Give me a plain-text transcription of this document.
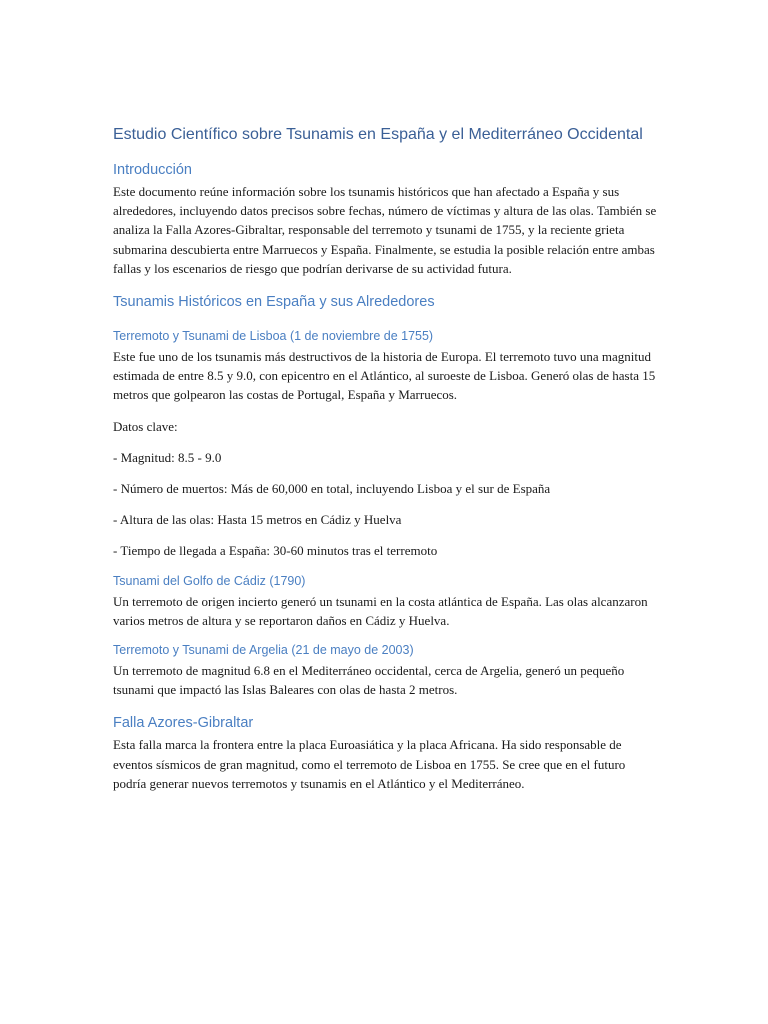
Estudio Científico sobre Tsunamis en España y el Mediterráneo Occidental
Introducción

Este documento reúne información sobre los tsunamis históricos que han afectado a España y sus alrededores, incluyendo datos precisos sobre fechas, número de víctimas y altura de las olas. También se analiza la Falla Azores-Gibraltar, responsable del terremoto y tsunami de 1755, y la reciente grieta submarina descubierta entre Marruecos y España. Finalmente, se estudia la posible relación entre ambas fallas y los escenarios de riesgo que podrían derivarse de su actividad futura.

Tsunamis Históricos en España y sus Alrededores
Terremoto y Tsunami de Lisboa (1 de noviembre de 1755)

Este fue uno de los tsunamis más destructivos de la historia de Europa. El terremoto tuvo una magnitud estimada de entre 8.5 y 9.0, con epicentro en el Atlántico, al suroeste de Lisboa. Generó olas de hasta 15 metros que golpearon las costas de Portugal, España y Marruecos.

Datos clave:

- Magnitud: 8.5 - 9.0

- Número de muertos: Más de 60,000 en total, incluyendo Lisboa y el sur de España

- Altura de las olas: Hasta 15 metros en Cádiz y Huelva

- Tiempo de llegada a España: 30-60 minutos tras el terremoto

Tsunami del Golfo de Cádiz (1790)

Un terremoto de origen incierto generó un tsunami en la costa atlántica de España. Las olas alcanzaron varios metros de altura y se reportaron daños en Cádiz y Huelva.

Terremoto y Tsunami de Argelia (21 de mayo de 2003)

Un terremoto de magnitud 6.8 en el Mediterráneo occidental, cerca de Argelia, generó un pequeño tsunami que impactó las Islas Baleares con olas de hasta 2 metros.

Falla Azores-Gibraltar

Esta falla marca la frontera entre la placa Euroasiática y la placa Africana. Ha sido responsable de eventos sísmicos de gran magnitud, como el terremoto de Lisboa en 1755. Se cree que en el futuro podría generar nuevos terremotos y tsunamis en el Atlántico y el Mediterráneo.
